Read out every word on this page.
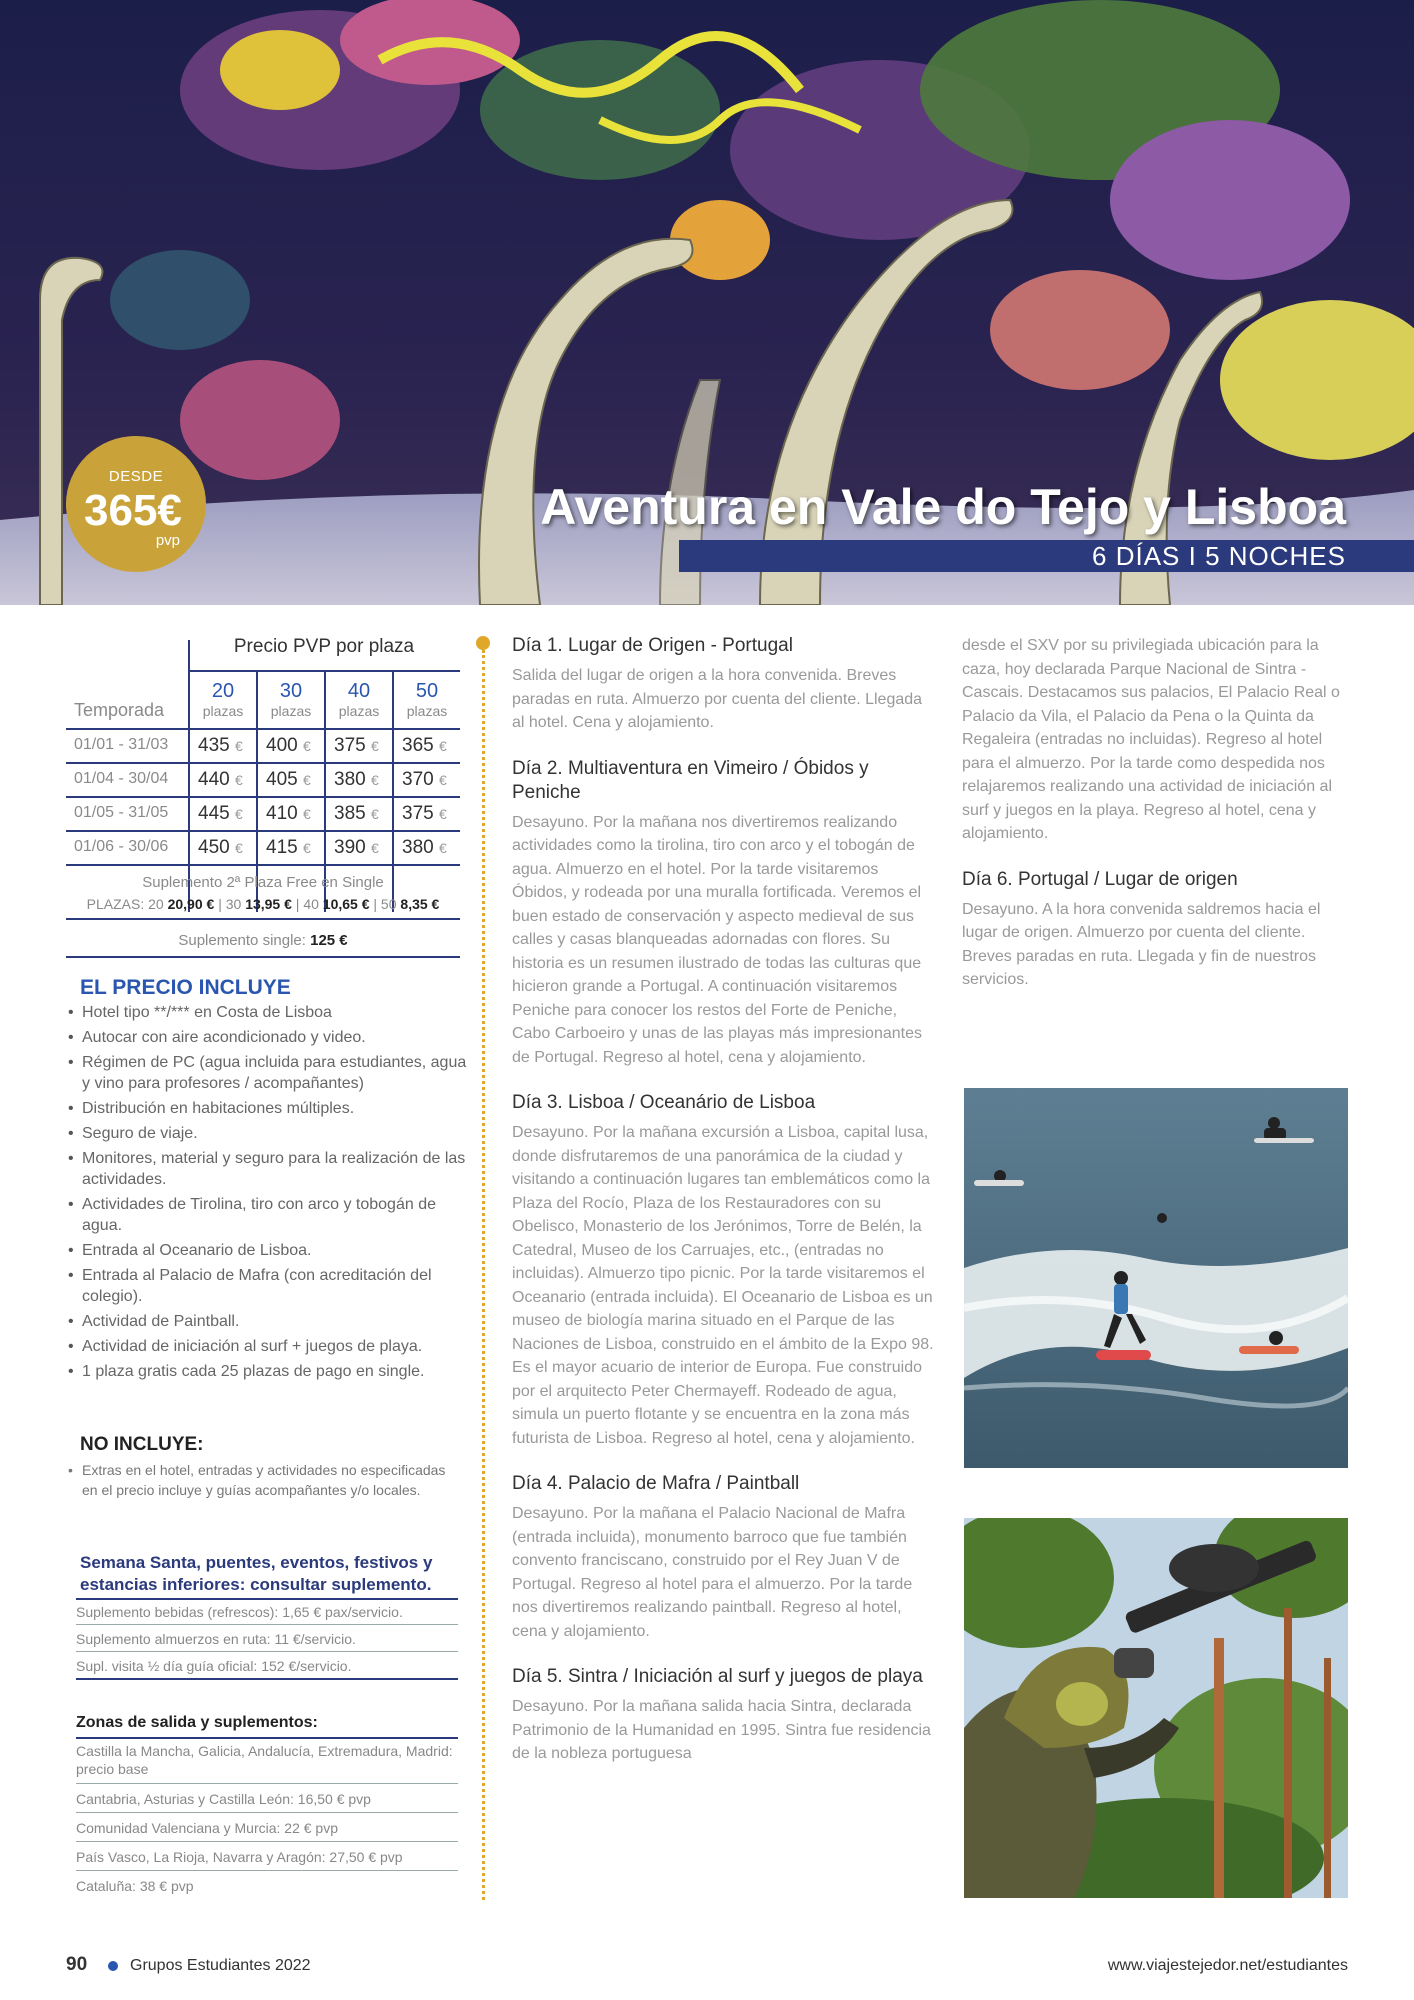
DESDE
365€
pvp
Aventura en Vale do Tejo y Lisboa
6 DÍAS I 5 NOCHES
Precio PVP por plaza
Temporada
20
plazas
30
plazas
40
plazas
50
plazas
01/01 - 31/03 435 € 400 € 375 € 365 €
01/04 - 30/04 440 € 405 € 380 € 370 €
01/05 - 31/05 445 € 410 € 385 € 375 €
01/06 - 30/06 450 € 415 € 390 € 380 €
Suplemento 2ª Plaza Free en Single
PLAZAS: 20 20,90 € | 30 13,95 € | 40 10,65 € | 50 8,35 €
Suplemento single: 125 €
EL PRECIO INCLUYE
• Hotel tipo **/*** en Costa de Lisboa
• Autocar con aire acondicionado y video.
• Régimen de PC (agua incluida para estudiantes, agua y vino para profesores / acompañantes)
• Distribución en habitaciones múltiples.
• Seguro de viaje.
• Monitores, material y seguro para la realización de las actividades.
• Actividades de Tirolina, tiro con arco y tobogán de agua.
• Entrada al Oceanario de Lisboa.
• Entrada al Palacio de Mafra (con acreditación del colegio).
• Actividad de Paintball.
• Actividad de iniciación al surf + juegos de playa.
• 1 plaza gratis cada 25 plazas de pago en single.
NO INCLUYE:
• Extras en el hotel, entradas y actividades no especificadas en el precio incluye y guías acompañantes y/o locales.
Semana Santa, puentes, eventos, festivos y estancias inferiores: consultar suplemento.
Suplemento bebidas (refrescos): 1,65 € pax/servicio.
Suplemento almuerzos en ruta: 11 €/servicio.
Supl. visita ½ día guía oficial: 152 €/servicio.
Zonas de salida y suplementos:
Castilla la Mancha, Galicia, Andalucía, Extremadura, Madrid: precio base
Cantabria, Asturias y Castilla León: 16,50 € pvp
Comunidad Valenciana y Murcia: 22 € pvp
País Vasco, La Rioja, Navarra y Aragón: 27,50 € pvp
Cataluña: 38 € pvp
Día 1. Lugar de Origen - Portugal

Salida del lugar de origen a la hora convenida. Breves paradas en ruta. Almuerzo por cuenta del cliente. Llegada al hotel. Cena y alojamiento.

Día 2. Multiaventura en Vimeiro / Óbidos y Peniche

Desayuno. Por la mañana nos divertiremos realizando actividades como la tirolina, tiro con arco y el tobogán de agua. Almuerzo en el hotel. Por la tarde visitaremos Óbidos, y rodeada por una muralla fortificada. Veremos el buen estado de conservación y aspecto medieval de sus calles y casas blanqueadas adornadas con flores. Su historia es un resumen ilustrado de todas las culturas que hicieron grande a Portugal. A continuación visitaremos Peniche para conocer los restos del Forte de Peniche, Cabo Carboeiro y unas de las playas más impresionantes de Portugal. Regreso al hotel, cena y alojamiento.

Día 3. Lisboa / Oceanário de Lisboa

Desayuno. Por la mañana excursión a Lisboa, capital lusa, donde disfrutaremos de una panorámica de la ciudad y visitando a continuación lugares tan emblemáticos como la Plaza del Rocío, Plaza de los Restauradores con su Obelisco, Monasterio de los Jerónimos, Torre de Belén, la Catedral, Museo de los Carruajes, etc., (entradas no incluidas). Almuerzo tipo picnic. Por la tarde visitaremos el Oceanario (entrada incluida). El Oceanario de Lisboa es un museo de biología marina situado en el Parque de las Naciones de Lisboa, construido en el ámbito de la Expo 98. Es el mayor acuario de interior de Europa. Fue construido por el arquitecto Peter Chermayeff. Rodeado de agua, simula un puerto flotante y se encuentra en la zona más futurista de Lisboa. Regreso al hotel, cena y alojamiento.

Día 4. Palacio de Mafra / Paintball

Desayuno. Por la mañana el Palacio Nacional de Mafra (entrada incluida), monumento barroco que fue también convento franciscano, construido por el Rey Juan V de Portugal. Regreso al hotel para el almuerzo. Por la tarde nos divertiremos realizando paintball. Regreso al hotel, cena y alojamiento.

Día 5. Sintra / Iniciación al surf y juegos de playa

Desayuno. Por la mañana salida hacia Sintra, declarada Patrimonio de la Humanidad en 1995. Sintra fue residencia de la nobleza portuguesa

desde el SXV por su privilegiada ubicación para la caza, hoy declarada Parque Nacional de Sintra - Cascais. Destacamos sus palacios, El Palacio Real o Palacio da Vila, el Palacio da Pena o la Quinta da Regaleira (entradas no incluidas). Regreso al hotel para el almuerzo. Por la tarde como despedida nos relajaremos realizando una actividad de iniciación al surf y juegos en la playa. Regreso al hotel, cena y alojamiento.

Día 6. Portugal / Lugar de origen

Desayuno. A la hora convenida saldremos hacia el lugar de origen. Almuerzo por cuenta del cliente. Breves paradas en ruta. Llegada y fin de nuestros servicios.

90	Grupos Estudiantes 2022	www.viajestejedor.net/estudiantes
